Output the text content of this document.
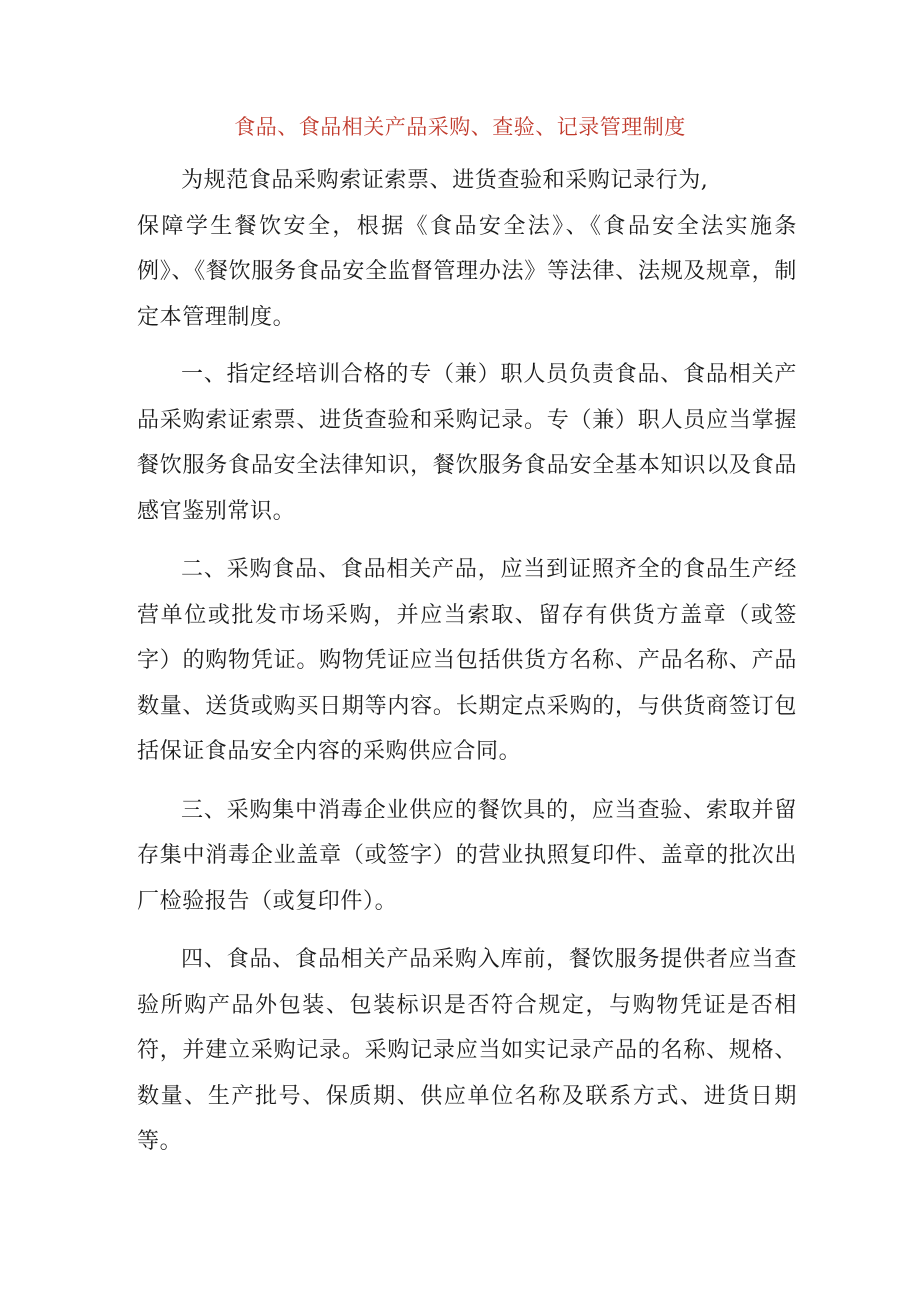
食品、食品相关产品采购、查验、记录管理制度
为规范食品采购索证索票、进货查验和采购记录行为,
保障学生餐饮安全，根据《食品安全法》、《食品安全法实施条例》、《餐饮服务食品安全监督管理办法》等法律、法规及规章，制定本管理制度。

一、指定经培训合格的专（兼）职人员负责食品、食品相关产品采购索证索票、进货查验和采购记录。专（兼）职人员应当掌握餐饮服务食品安全法律知识，餐饮服务食品安全基本知识以及食品感官鉴别常识。

二、采购食品、食品相关产品，应当到证照齐全的食品生产经营单位或批发市场采购，并应当索取、留存有供货方盖章（或签字）的购物凭证。购物凭证应当包括供货方名称、产品名称、产品数量、送货或购买日期等内容。长期定点采购的，与供货商签订包括保证食品安全内容的采购供应合同。

三、采购集中消毒企业供应的餐饮具的，应当查验、索取并留存集中消毒企业盖章（或签字）的营业执照复印件、盖章的批次出厂检验报告（或复印件）。

四、食品、食品相关产品采购入库前，餐饮服务提供者应当查验所购产品外包装、包装标识是否符合规定，与购物凭证是否相符，并建立采购记录。采购记录应当如实记录产品的名称、规格、数量、生产批号、保质期、供应单位名称及联系方式、进货日期等。
